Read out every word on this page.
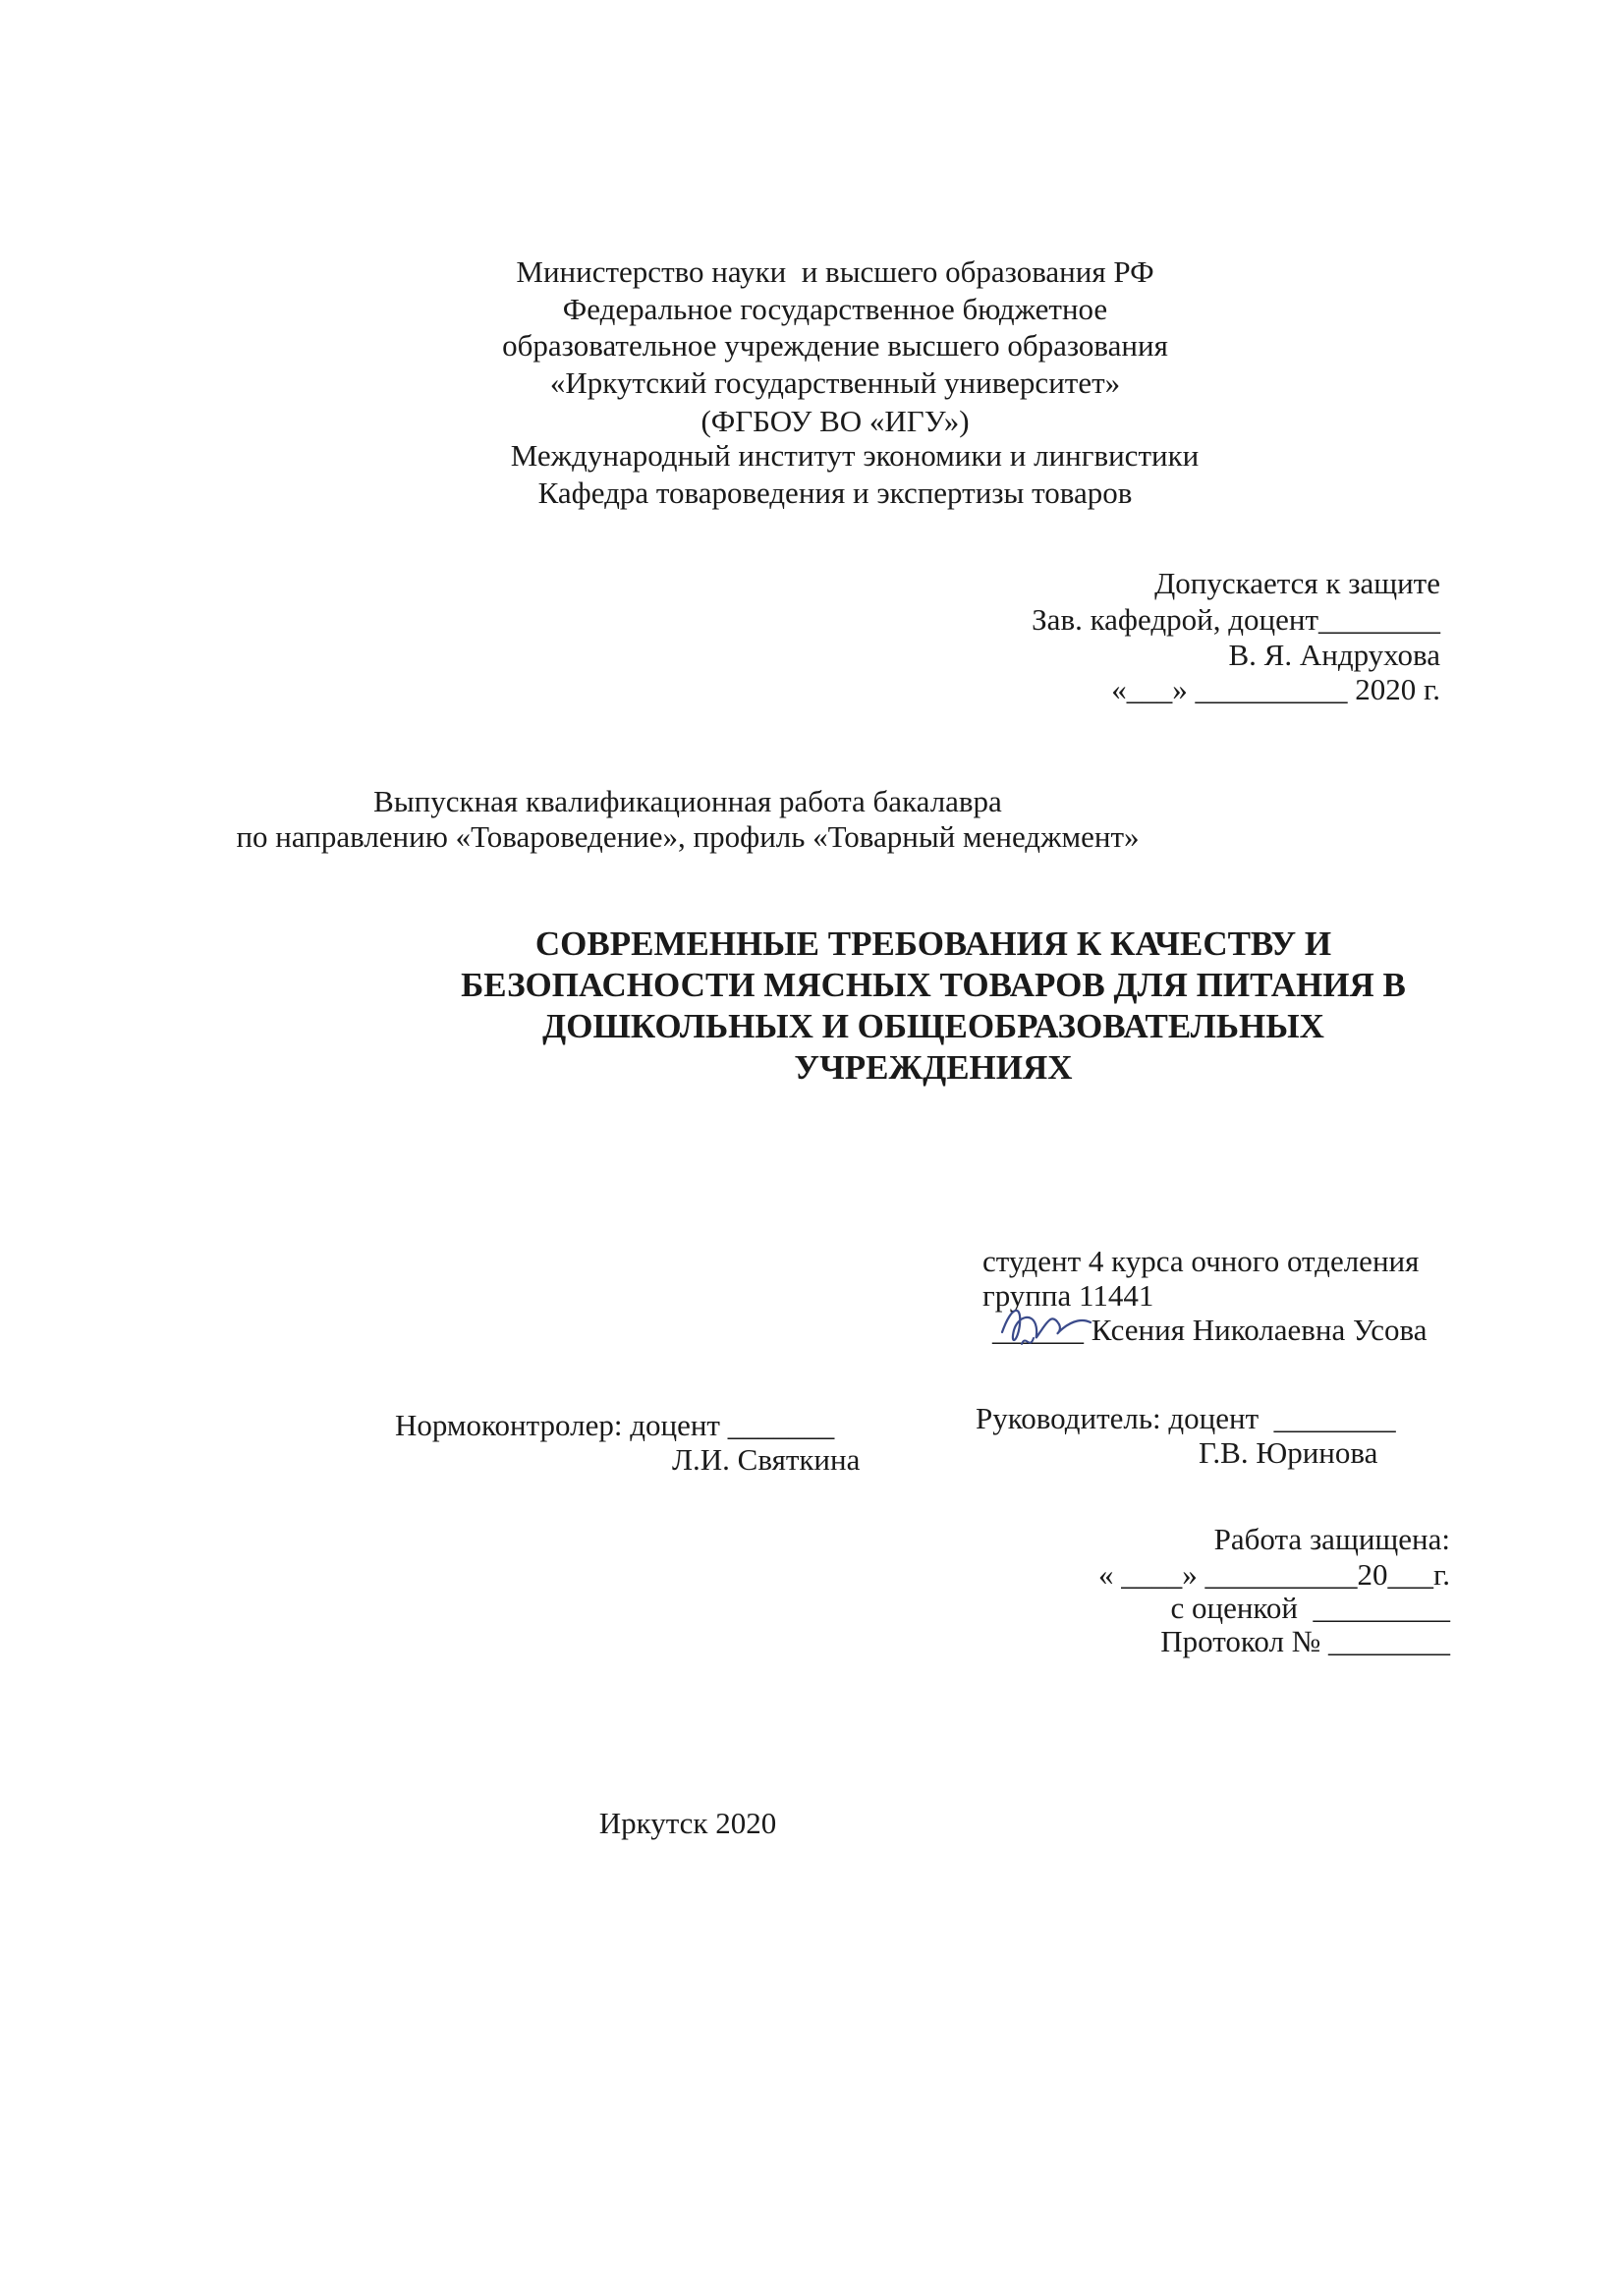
Министерство науки  и высшего образования РФ
Федеральное государственное бюджетное
образовательное учреждение высшего образования
«Иркутский государственный университет»
(ФГБОУ ВО «ИГУ»)
Международный институт экономики и лингвистики
Кафедра товароведения и экспертизы товаров
Допускается к защите
Зав. кафедрой, доцент________
В. Я. Андрухова
«___» __________ 2020 г.
Выпускная квалификационная работа бакалавра
по направлению «Товароведение», профиль «Товарный менеджмент»
СОВРЕМЕННЫЕ ТРЕБОВАНИЯ К КАЧЕСТВУ И
БЕЗОПАСНОСТИ МЯСНЫХ ТОВАРОВ ДЛЯ ПИТАНИЯ В
ДОШКОЛЬНЫХ И ОБЩЕОБРАЗОВАТЕЛЬНЫХ
УЧРЕЖДЕНИЯХ
студент 4 курса очного отделения
группа 11441
______ Ксения Николаевна Усова
Нормоконтролер: доцент _______
Л.И. Святкина
Руководитель: доцент  ________
Г.В. Юринова
Работа защищена:
« ____» __________20___г.
с оценкой  _________
Протокол № ________
Иркутск 2020
